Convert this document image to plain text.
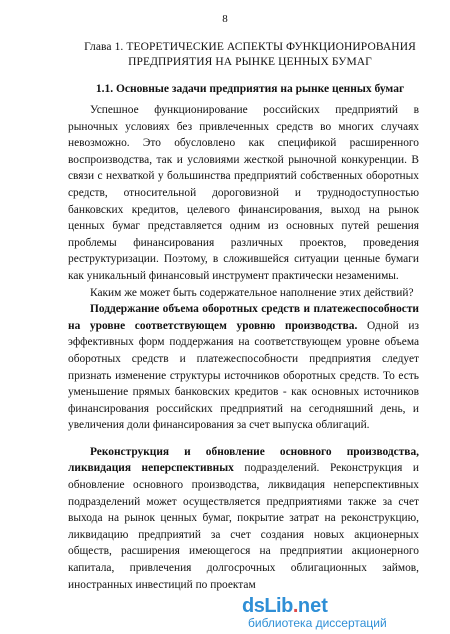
8
Глава 1. ТЕОРЕТИЧЕСКИЕ АСПЕКТЫ ФУНКЦИОНИРОВАНИЯ ПРЕДПРИЯТИЯ НА РЫНКЕ ЦЕННЫХ БУМАГ
1.1. Основные задачи предприятия на рынке ценных бумаг

Успешное функционирование российских предприятий в рыночных условиях без привлеченных средств во многих случаях невозможно. Это обусловлено как спецификой расширенного воспроизводства, так и условиями жесткой рыночной конкуренции. В связи с нехваткой у большинства предприятий собственных оборотных средств, относительной дороговизной и труднодоступностью банковских кредитов, целевого финансирования, выход на рынок ценных бумаг представляется одним из основных путей решения проблемы финансирования различных проектов, проведения реструктуризации. Поэтому, в сложившейся ситуации ценные бумаги как уникальный финансовый инструмент практически незаменимы.

Каким же может быть содержательное наполнение этих действий?

Поддержание объема оборотных средств и платежеспособности на уровне соответствующем уровню производства. Одной из эффективных форм поддержания на соответствующем уровне объема оборотных средств и платежеспособности предприятия следует признать изменение структуры источников оборотных средств. То есть уменьшение прямых банковских кредитов - как основных источников финансирования российских предприятий на сегодняшний день, и увеличения доли финансирования за счет выпуска облигаций.

Реконструкция и обновление основного производства, ликвидация неперспективных подразделений. Реконструкция и обновление основного производства, ликвидация неперспективных подразделений может осуществляется предприятиями также за счет выхода на рынок ценных бумаг, покрытие затрат на реконструкцию, ликвидацию предприятий за счет создания новых акционерных обществ, расширения имеющегося на предприятии акционерного капитала, привлечения долгосрочных облигационных займов, иностранных инвестиций по проектам

dsLib. net
библиотека диссертаций
